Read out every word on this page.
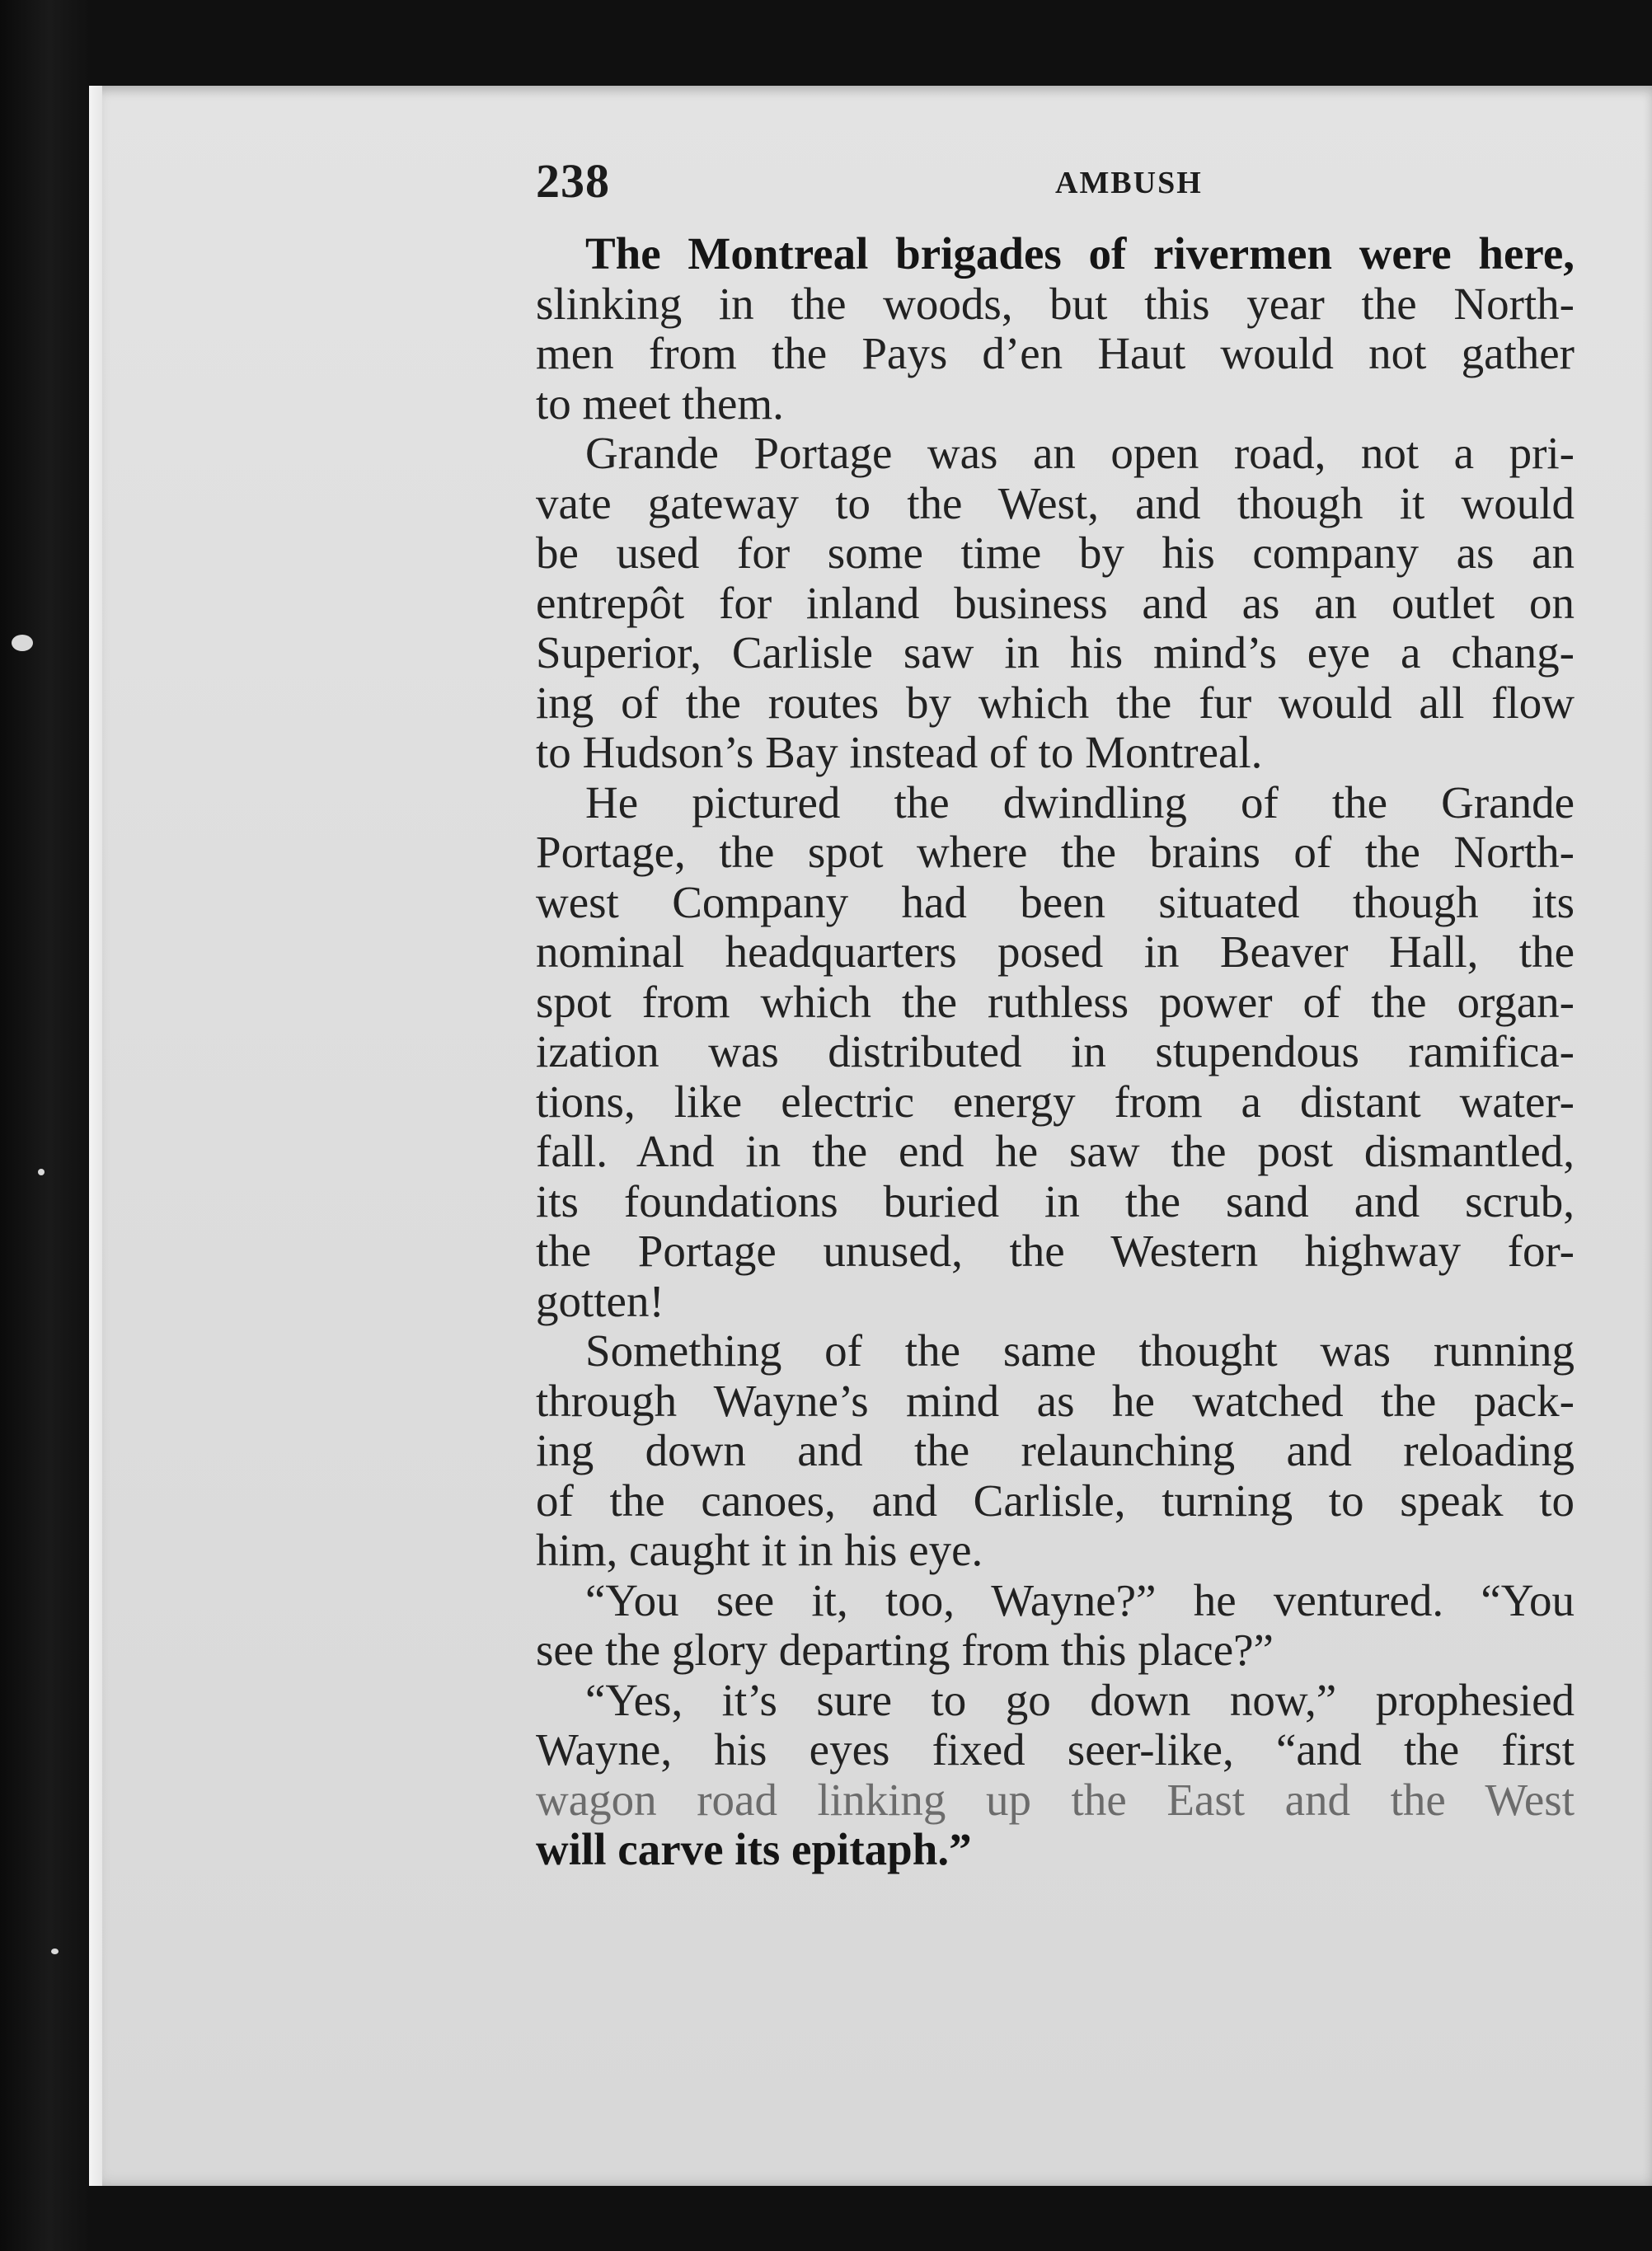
238	AMBUSH
The Montreal brigades of rivermen were here,
slinking in the woods, but this year the North-
men from the Pays d’en Haut would not gather
to meet them.
Grande Portage was an open road, not a pri-
vate gateway to the West, and though it would
be used for some time by his company as an
entrepôt for inland business and as an outlet on
Superior, Carlisle saw in his mind’s eye a chang-
ing of the routes by which the fur would all flow
to Hudson’s Bay instead of to Montreal.
He pictured the dwindling of the Grande
Portage, the spot where the brains of the North-
west Company had been situated though its
nominal headquarters posed in Beaver Hall, the
spot from which the ruthless power of the organ-
ization was distributed in stupendous ramifica-
tions, like electric energy from a distant water-
fall. And in the end he saw the post dismantled,
its foundations buried in the sand and scrub,
the Portage unused, the Western highway for-
gotten!
Something of the same thought was running
through Wayne’s mind as he watched the pack-
ing down and the relaunching and reloading
of the canoes, and Carlisle, turning to speak to
him, caught it in his eye.
“You see it, too, Wayne?” he ventured. “You
see the glory departing from this place?”
“Yes, it’s sure to go down now,” prophesied
Wayne, his eyes fixed seer-like, “and the first
wagon road linking up the East and the West
will carve its epitaph.”
